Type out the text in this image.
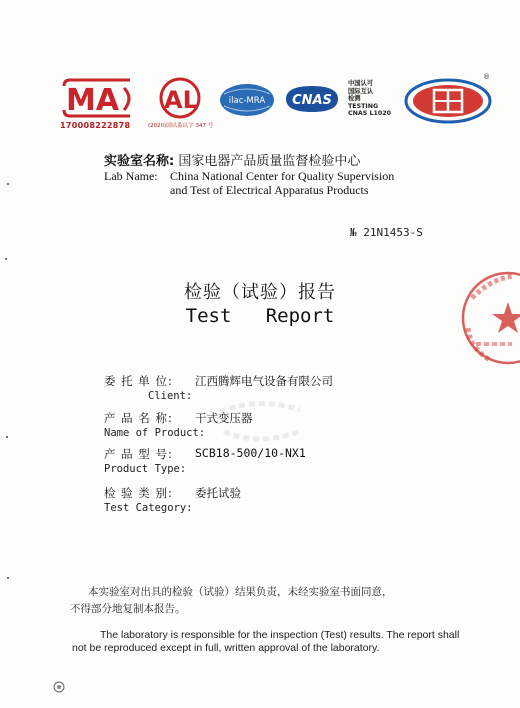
MA
170008222878
AL
(2020)国认监认字 347 号
ilac-MRA CNAS
中国认可
国际互认
检测
TESTING
CNAS L1020
®
实验室名称: 国家电器产品质量监督检验中心
Lab Name: China National Center for Quality Supervision
and Test of Electrical Apparatus Products
№ 21N1453-S
检验（试验）报告
Test   Report
委 托 单 位: 江西腾辉电气设备有限公司
Client:
产 品 名 称: 干式变压器
Name of Product:
产 品 型 号: SCB18-500/10-NX1
Product Type:
检 验 类 别: 委托试验
Test Category:
本实验室对出具的检验（试验）结果负责，未经实验室书面同意，
不得部分地复制本报告。
The laboratory is responsible for the inspection (Test) results. The report shall
not be reproduced except in full, written approval of the laboratory.
